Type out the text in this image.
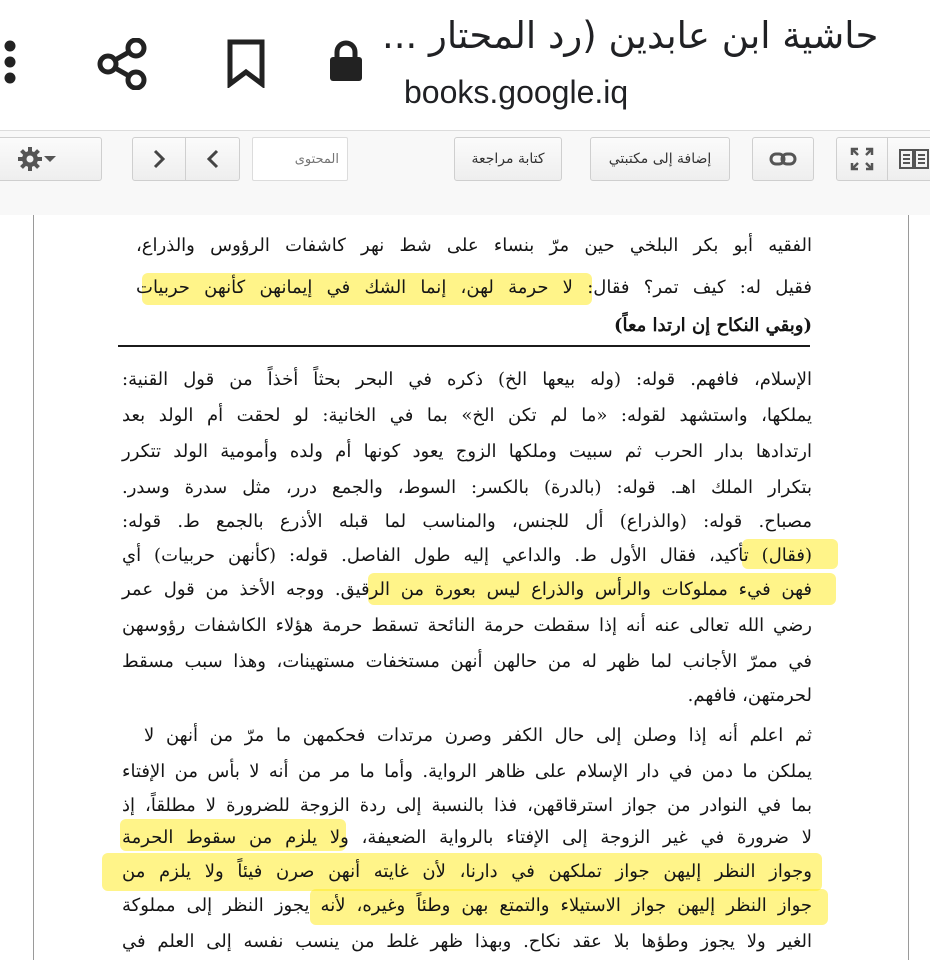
حاشية ابن عابدين (رد المحتار ...
books.google.iq
المحتوى
كتابة مراجعة	إضافة إلى مكتبتي
الفقيه أبو بكر البلخي حين مرّ بنساء على شط نهر كاشفات الرؤوس والذراع،
فقيل له: كيف تمر؟ فقال: لا حرمة لهن، إنما الشك في إيمانهن كأنهن حربيات
(وبقي النكاح إن ارتدا معاً)
الإسلام، فافهم. قوله: (وله بيعها الخ) ذكره في البحر بحثاً أخذاً من قول القنية:
يملكها، واستشهد لقوله: «ما لم تكن الخ» بما في الخانية: لو لحقت أم الولد بعد
ارتدادها بدار الحرب ثم سبيت وملكها الزوج يعود كونها أم ولده وأمومية الولد تتكرر
بتكرار الملك اهـ. قوله: (بالدرة) بالكسر: السوط، والجمع درر، مثل سدرة وسدر.
مصباح. قوله: (والذراع) أل للجنس، والمناسب لما قبله الأذرع بالجمع ط. قوله:
(فقال) تأكيد، فقال الأول ط. والداعي إليه طول الفاصل. قوله: (كأنهن حربيات) أي
فهن فيء مملوكات والرأس والذراع ليس بعورة من الرقيق. ووجه الأخذ من قول عمر
رضي الله تعالى عنه أنه إذا سقطت حرمة النائحة تسقط حرمة هؤلاء الكاشفات رؤوسهن
في ممرّ الأجانب لما ظهر له من حالهن أنهن مستخفات مستهينات، وهذا سبب مسقط
لحرمتهن، فافهم.
ثم اعلم أنه إذا وصلن إلى حال الكفر وصرن مرتدات فحكمهن ما مرّ من أنهن لا
يملكن ما دمن في دار الإسلام على ظاهر الرواية. وأما ما مر من أنه لا بأس من الإفتاء
بما في النوادر من جواز استرقاقهن، فذا بالنسبة إلى ردة الزوجة للضرورة لا مطلقاً، إذ
لا ضرورة في غير الزوجة إلى الإفتاء بالرواية الضعيفة، ولا يلزم من سقوط الحرمة
وجواز النظر إليهن جواز تملكهن في دارنا، لأن غايته أنهن صرن فيئاً ولا يلزم من
جواز النظر إليهن جواز الاستيلاء والتمتع بهن وطئاً وغيره، لأنه يجوز النظر إلى مملوكة
الغير ولا يجوز وطؤها بلا عقد نكاح. وبهذا ظهر غلط من ينسب نفسه إلى العلم في
